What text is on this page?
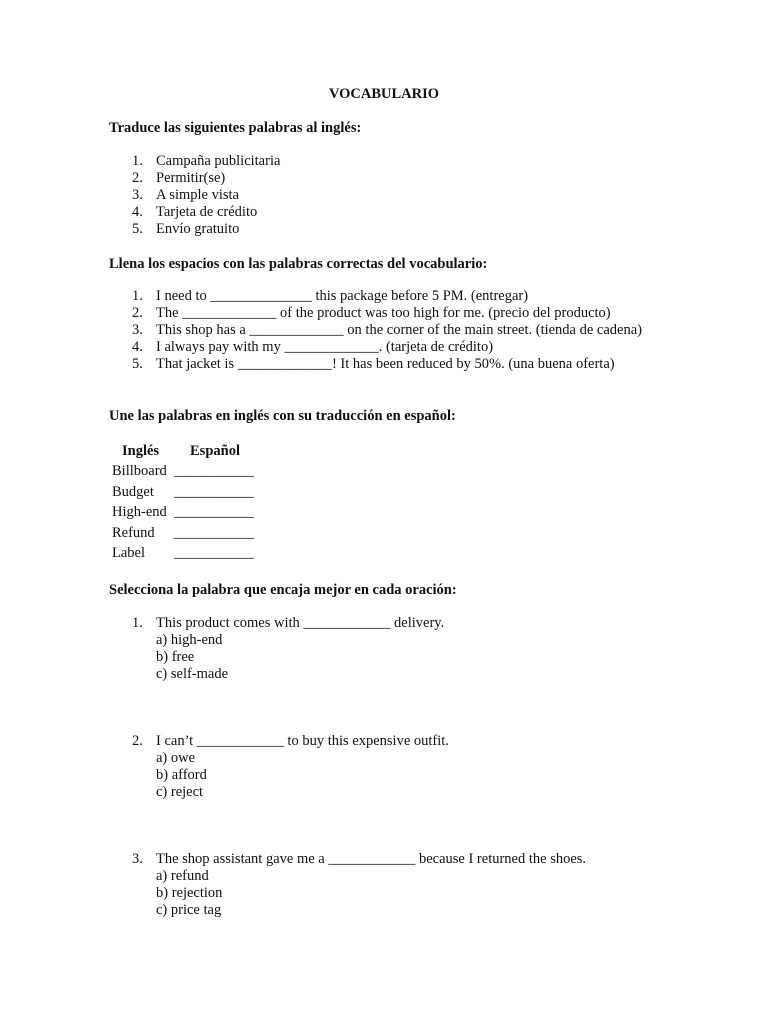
VOCABULARIO
Traduce las siguientes palabras al inglés:
1. Campaña publicitaria
2. Permitir(se)
3. A simple vista
4. Tarjeta de crédito
5. Envío gratuito
Llena los espacios con las palabras correctas del vocabulario:
1. I need to ______________ this package before 5 PM. (entregar)
2. The _____________ of the product was too high for me. (precio del producto)
3. This shop has a _____________ on the corner of the main street. (tienda de cadena)
4. I always pay with my _____________. (tarjeta de crédito)
5. That jacket is _____________! It has been reduced by 50%. (una buena oferta)
Une las palabras en inglés con su traducción en español:
Inglés Español
Billboard ___________
Budget ___________
High-end ___________
Refund ___________
Label ___________
Selecciona la palabra que encaja mejor en cada oración:
1. This product comes with ____________ delivery.
a) high-end
b) free
c) self-made
2. I can’t ____________ to buy this expensive outfit.
a) owe
b) afford
c) reject
3. The shop assistant gave me a ____________ because I returned the shoes.
a) refund
b) rejection
c) price tag
